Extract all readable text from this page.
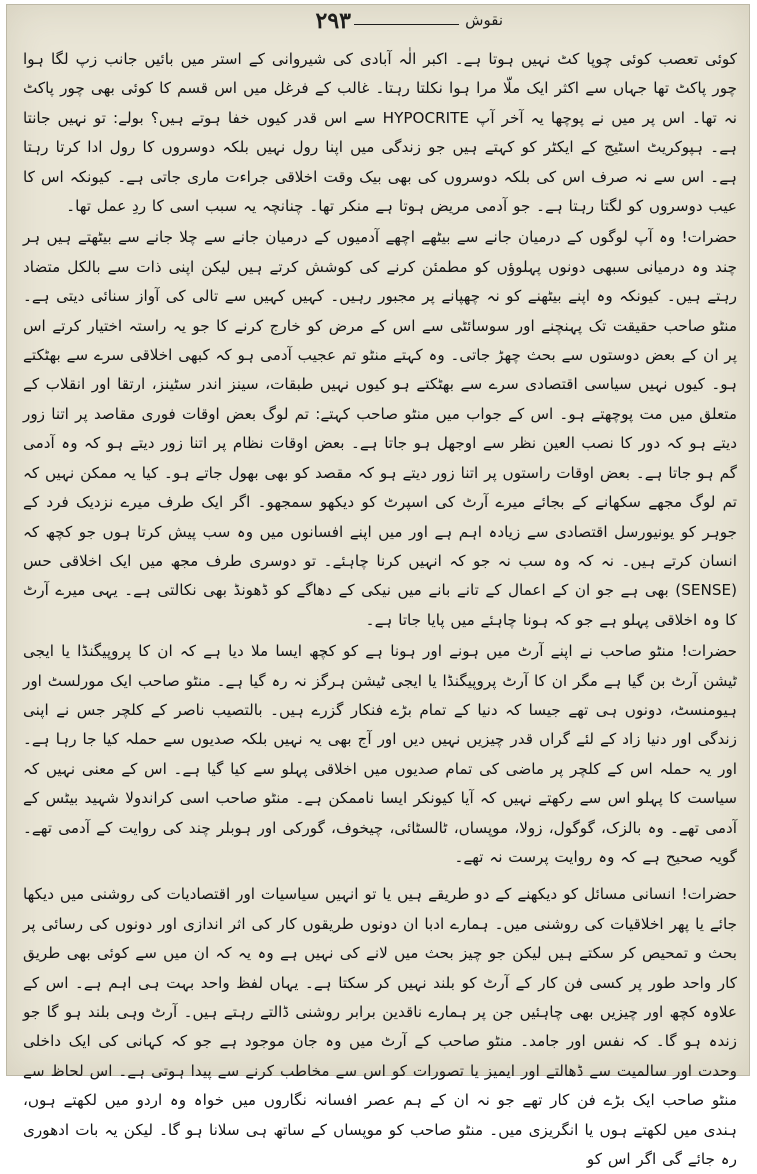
نقوش
۲۹۳

کوئی تعصب کوئی چوپا کٹ نہیں ہوتا ہے۔ اکبر الٰہ آبادی کی شیروانی کے استر میں بائیں جانب زپ لگا ہوا چور پاکٹ تھا جہاں سے اکثر ایک ملّا مرا ہوا نکلتا رہتا۔ غالب کے فرغل میں اس قسم کا کوئی بھی چور پاکٹ نہ تھا۔ اس پر میں نے پوچھا یہ آخر آپ HYPOCRITE سے اس قدر کیوں خفا ہوتے ہیں؟ بولے: تو نہیں جانتا ہے۔ ہپوکریٹ اسٹیج کے ایکٹر کو کہتے ہیں جو زندگی میں اپنا رول نہیں بلکہ دوسروں کا رول ادا کرتا رہتا ہے۔ اس سے نہ صرف اس کی بلکہ دوسروں کی بھی بیک وقت اخلاقی جراءت ماری جاتی ہے۔ کیونکہ اس کا عیب دوسروں کو لگتا رہتا ہے۔ جو آدمی مریض ہوتا ہے منکر تھا۔ چنانچہ یہ سبب اسی کا ردِ عمل تھا۔

حضرات! وہ آپ لوگوں کے درمیان جانے سے بیٹھے اچھے آدمیوں کے درمیان جانے سے چلا جانے سے بیٹھتے ہیں ہر چند وہ درمیانی سبھی دونوں پہلوؤں کو مطمئن کرنے کی کوشش کرتے ہیں لیکن اپنی ذات سے بالکل متضاد رہتے ہیں۔ کیونکہ وہ اپنے بیٹھنے کو نہ چھپانے پر مجبور رہیں۔ کہیں کہیں سے تالی کی آواز سنائی دیتی ہے۔ منٹو صاحب حقیقت تک پہنچنے اور سوسائٹی سے اس کے مرض کو خارج کرنے کا جو یہ راستہ اختیار کرتے اس پر ان کے بعض دوستوں سے بحث چھڑ جاتی۔ وہ کہتے منٹو تم عجیب آدمی ہو کہ کبھی اخلاقی سرے سے بھٹکتے ہو۔ کیوں نہیں سیاسی اقتصادی سرے سے بھٹکتے ہو کیوں نہیں طبقات، سینز اندر سٹینز، ارتقا اور انقلاب کے متعلق میں مت پوچھتے ہو۔ اس کے جواب میں منٹو صاحب کہتے: تم لوگ بعض اوقات فوری مقاصد پر اتنا زور دیتے ہو کہ دور کا نصب العین نظر سے اوجھل ہو جاتا ہے۔ بعض اوقات نظام پر اتنا زور دیتے ہو کہ وہ آدمی گم ہو جاتا ہے۔ بعض اوقات راستوں پر اتنا زور دیتے ہو کہ مقصد کو بھی بھول جاتے ہو۔ کیا یہ ممکن نہیں کہ تم لوگ مجھے سکھانے کے بجائے میرے آرٹ کی اسپرٹ کو دیکھو سمجھو۔ اگر ایک طرف میرے نزدیک فرد کے جوہر کو یونیورسل اقتصادی سے زیادہ اہم ہے اور میں اپنے افسانوں میں وہ سب پیش کرتا ہوں جو کچھ کہ انسان کرتے ہیں۔ نہ کہ وہ سب نہ جو کہ انہیں کرنا چاہئے۔ تو دوسری طرف مجھ میں ایک اخلاقی حس (SENSE) بھی ہے جو ان کے اعمال کے تانے بانے میں نیکی کے دھاگے کو ڈھونڈ بھی نکالتی ہے۔ یہی میرے آرٹ کا وہ اخلاقی پہلو ہے جو کہ ہونا چاہئے میں پایا جاتا ہے۔

حضرات! منٹو صاحب نے اپنے آرٹ میں ہونے اور ہونا ہے کو کچھ ایسا ملا دیا ہے کہ ان کا پروپیگنڈا یا ایجی ٹیشن آرٹ بن گیا ہے مگر ان کا آرٹ پروپیگنڈا یا ایجی ٹیشن ہرگز نہ رہ گیا ہے۔ منٹو صاحب ایک مورلسٹ اور ہیومنسٹ، دونوں ہی تھے جیسا کہ دنیا کے تمام بڑے فنکار گزرے ہیں۔ بالتصیب ناصر کے کلچر جس نے اپنی زندگی اور دنیا زاد کے لئے گراں قدر چیزیں نہیں دیں اور آج بھی یہ نہیں بلکہ صدیوں سے حملہ کیا جا رہا ہے۔ اور یہ حملہ اس کے کلچر پر ماضی کی تمام صدیوں میں اخلاقی پہلو سے کیا گیا ہے۔ اس کے معنی نہیں کہ سیاست کا پہلو اس سے رکھتے نہیں کہ آیا کیونکر ایسا ناممکن ہے۔ منٹو صاحب اسی کراندولا شہید بیٹس کے آدمی تھے۔ وہ بالزک، گوگول، زولا، موپساں، ٹالسٹائی، چیخوف، گورکی اور ہوبلر چند کی روایت کے آدمی تھے۔ گویہ صحیح ہے کہ وہ روایت پرست نہ تھے۔

حضرات! انسانی مسائل کو دیکھنے کے دو طریقے ہیں یا تو انہیں سیاسیات اور اقتصادیات کی روشنی میں دیکھا جائے یا پھر اخلاقیات کی روشنی میں۔ ہمارے ادبا ان دونوں طریقوں کار کی اثر اندازی اور دونوں کی رسائی پر بحث و تمحیص کر سکتے ہیں لیکن جو چیز بحث میں لانے کی نہیں ہے وہ یہ کہ ان میں سے کوئی بھی طریق کار واحد طور پر کسی فن کار کے آرٹ کو بلند نہیں کر سکتا ہے۔ یہاں لفظ واحد بہت ہی اہم ہے۔ اس کے علاوہ کچھ اور چیزیں بھی چاہئیں جن پر ہمارے ناقدین برابر روشنی ڈالتے رہتے ہیں۔ آرٹ وہی بلند ہو گا جو زندہ ہو گا۔ کہ نفس اور جامد۔ منٹو صاحب کے آرٹ میں وہ جان موجود ہے جو کہ کہانی کی ایک داخلی وحدت اور سالمیت سے ڈھالتے اور ایمیز یا تصورات کو اس سے مخاطب کرنے سے پیدا ہوتی ہے۔ اس لحاظ سے منٹو صاحب ایک بڑے فن کار تھے جو نہ ان کے ہم عصر افسانہ نگاروں میں خواہ وہ اردو میں لکھتے ہوں، ہندی میں لکھتے ہوں یا انگریزی میں۔ منٹو صاحب کو موپساں کے ساتھ ہی سلانا ہو گا۔ لیکن یہ بات ادھوری رہ جائے گی اگر اس کو
